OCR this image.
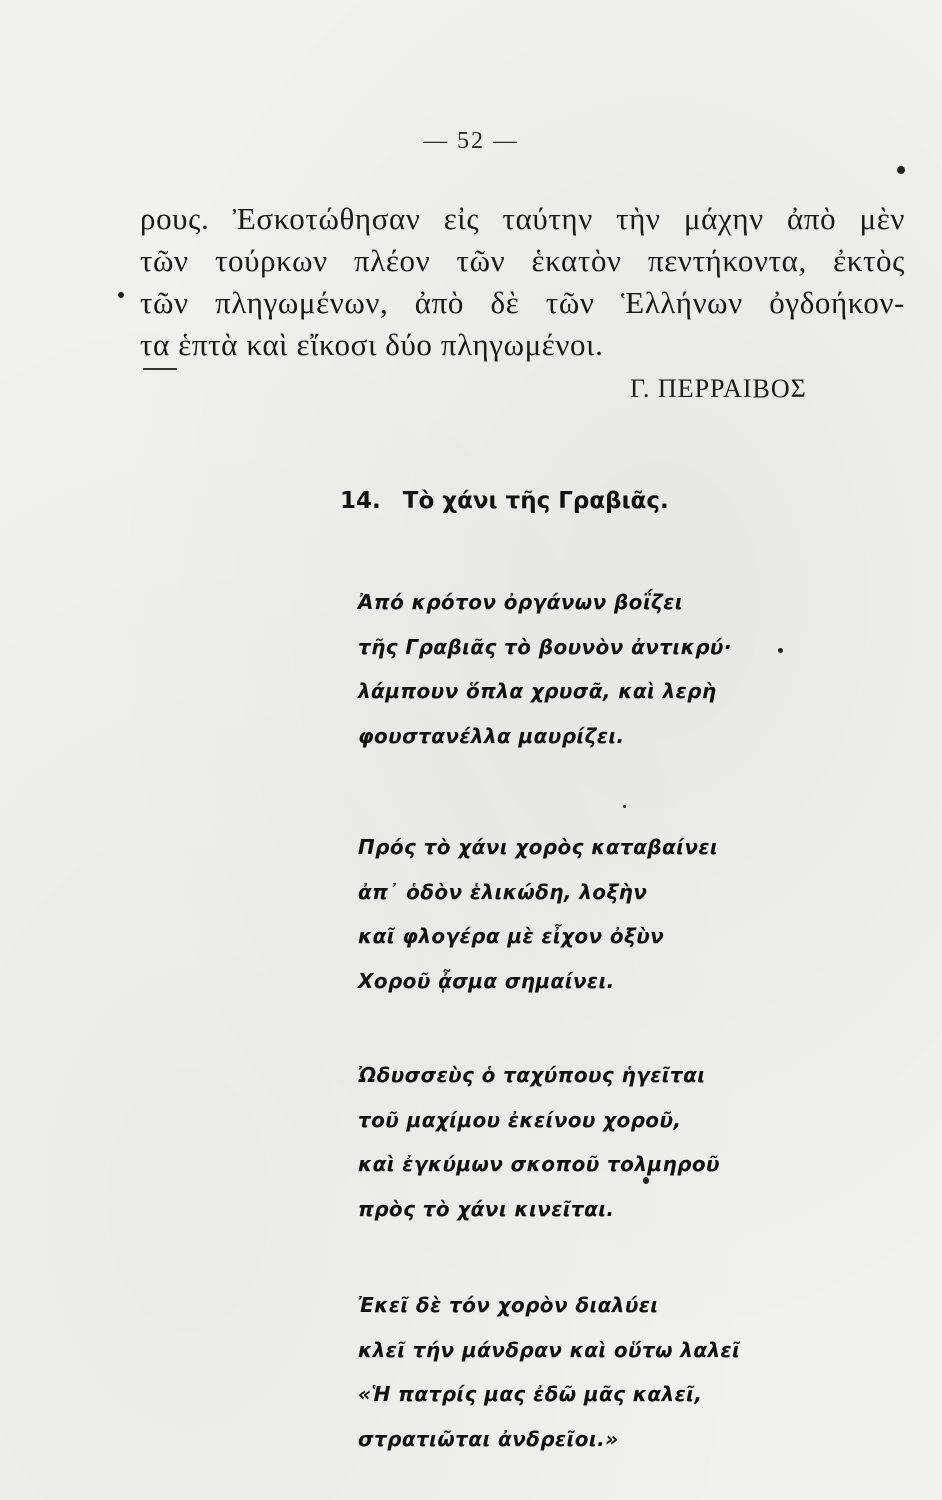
— 52 —
ρους. Ἐσκοτώθησαν εἰς ταύτην τὴν μάχην ἀπὸ μὲν
τῶν τούρκων πλέον τῶν ἑκατὸν πεντήκοντα, ἐκτὸς
τῶν πληγωμένων, ἀπὸ δὲ τῶν Ἑλλήνων ὀγδοήκον-
τα ἑπτὰ καὶ εἴκοσι δύο πληγωμένοι.
Γ. ΠΕΡΡΑΙΒΟΣ
14. Τὸ χάνι τῆς Γραβιᾶς.
Ἀπό κρότον ὀργάνων βοΐζει
τῆς Γραβιᾶς τὸ βουνὸν ἀντικρύ·
λάμπουν ὅπλα χρυσᾶ, καὶ λερὴ
φουστανέλλα μαυρίζει.
Πρός τὸ χάνι χορὸς καταβαίνει
ἀπ᾽ ὁδὸν ἑλικώδη, λοξὴν
καῖ φλογέρα μὲ εἶχον ὀξὺν
Χοροῦ ᾆσμα σημαίνει.
Ὠδυσσεὺς ὁ ταχύπους ἡγεῖται
τοῦ μαχίμου ἐκείνου χοροῦ,
καὶ ἐγκύμων σκοποῦ τολμηροῦ
πρὸς τὸ χάνι κινεῖται.
Ἐκεῖ δὲ τόν χορὸν διαλύει
κλεῖ τήν μάνδραν καὶ οὕτω λαλεῖ
«Ἡ πατρίς μας ἐδῶ μᾶς καλεῖ,
στρατιῶται ἀνδρεῖοι.»
